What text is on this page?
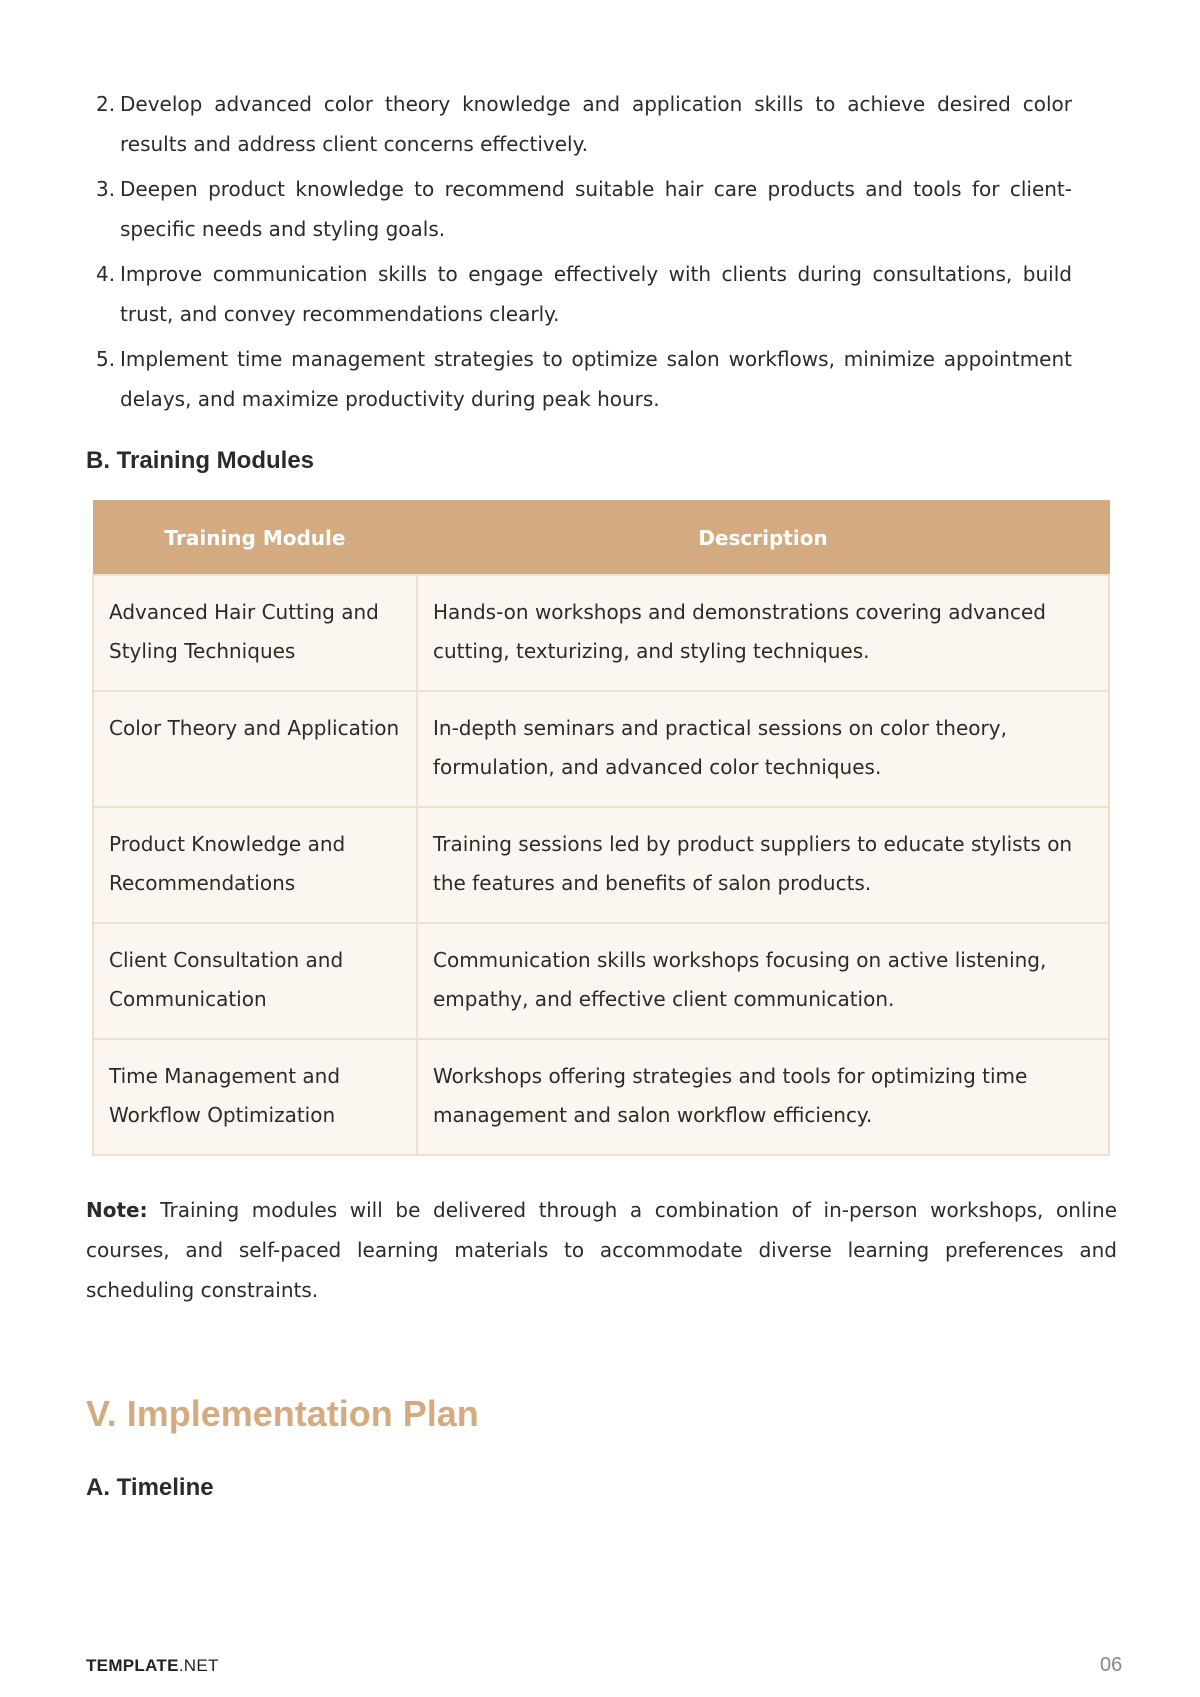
2. Develop advanced color theory knowledge and application skills to achieve desired color results and address client concerns effectively.
3. Deepen product knowledge to recommend suitable hair care products and tools for client-specific needs and styling goals.
4. Improve communication skills to engage effectively with clients during consultations, build trust, and convey recommendations clearly.
5. Implement time management strategies to optimize salon workflows, minimize appointment delays, and maximize productivity during peak hours.
B. Training Modules
Training Module	Description
Advanced Hair Cutting and Styling Techniques	Hands-on workshops and demonstrations covering advanced cutting, texturizing, and styling techniques.
Color Theory and Application	In-depth seminars and practical sessions on color theory, formulation, and advanced color techniques.
Product Knowledge and Recommendations	Training sessions led by product suppliers to educate stylists on the features and benefits of salon products.
Client Consultation and Communication	Communication skills workshops focusing on active listening, empathy, and effective client communication.
Time Management and Workflow Optimization	Workshops offering strategies and tools for optimizing time management and salon workflow efficiency.

Note: Training modules will be delivered through a combination of in-person workshops, online courses, and self-paced learning materials to accommodate diverse learning preferences and scheduling constraints.

V. Implementation Plan
A. Timeline
TEMPLATE.NET	06
